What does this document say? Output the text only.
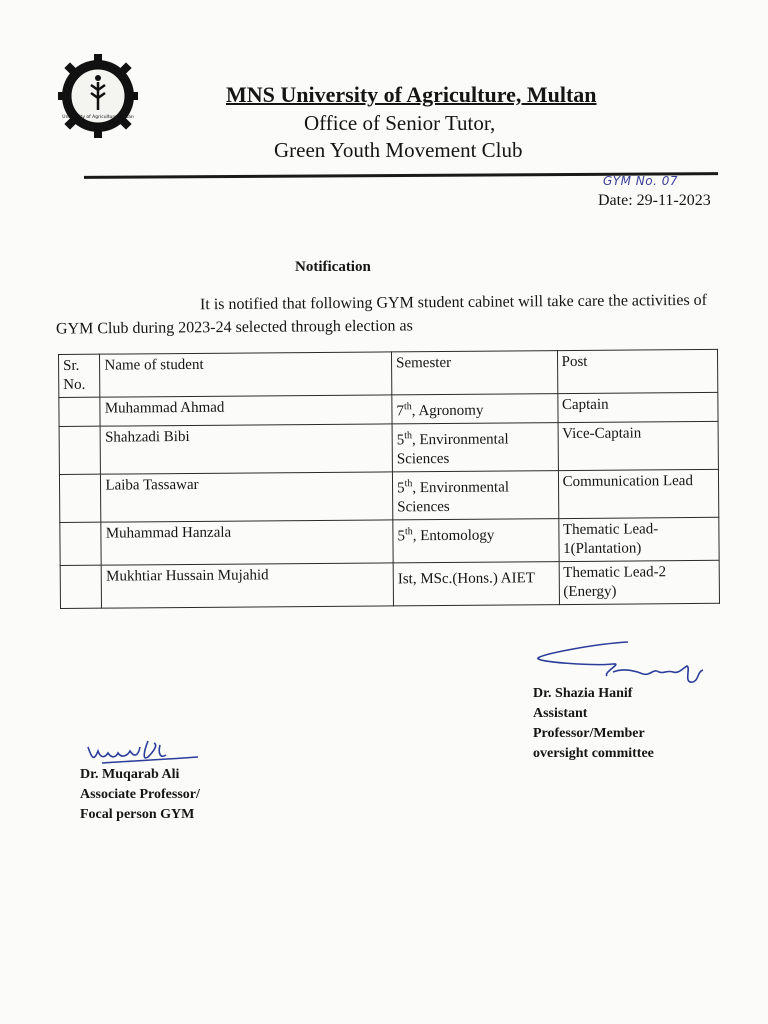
University of Agriculture Multan
MNS University of Agriculture, Multan
Office of Senior Tutor,
Green Youth Movement Club
GYM No. 07
Date: 29-11-2023
Notification
It is notified that following GYM student cabinet will take care the activities of
GYM Club during 2023-24 selected through election as
Sr.
No.	Name of student	Semester	Post
	Muhammad Ahmad	7th, Agronomy	Captain
	Shahzadi Bibi	5th, Environmental Sciences	Vice-Captain
	Laiba Tassawar	5th, Environmental Sciences	Communication Lead
	Muhammad Hanzala	5th, Entomology	Thematic Lead-1(Plantation)
	Mukhtiar Hussain Mujahid	Ist, MSc.(Hons.) AIET	Thematic Lead-2 (Energy)
Dr. Shazia Hanif
Assistant
Professor/Member
oversight committee
Dr. Muqarab Ali
Associate Professor/
Focal person GYM
